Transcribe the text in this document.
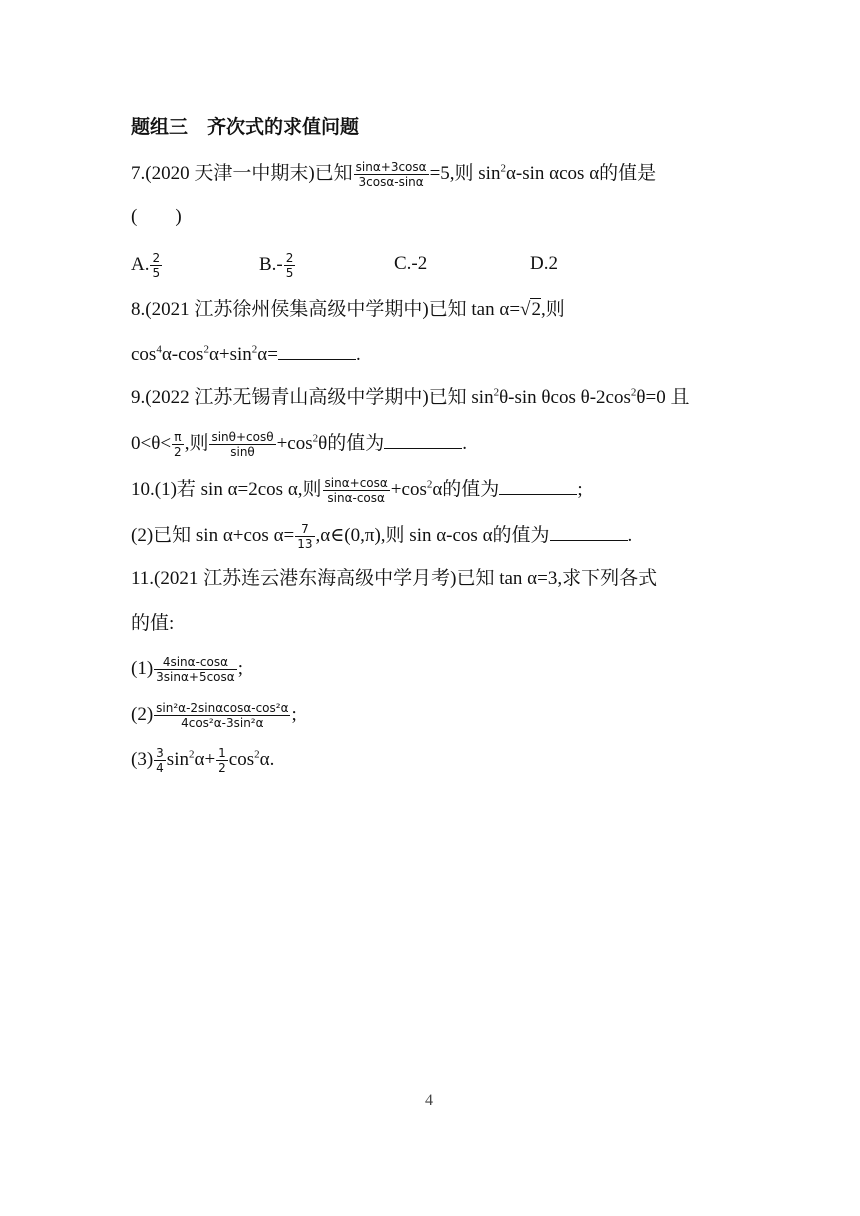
题组三　齐次式的求值问题
7.(2020 天津一中期末)已知 $\frac{\sin\alpha+3\cos\alpha}{3\cos\alpha-\sin\alpha} =5$,则 $\sin^2\alpha-\sin$ αcos α的值是
(　　)
A. $\frac{2}{5}$	$B.- \frac{2}{5}$	C.-2	D.2
8.(2021 江苏徐州侯集高级中学期中)已知 tan α=√2,则
$\cos^4\alpha-\cos^2\alpha+\sin^2\alpha=$	.
9.(2022 江苏无锡青山高级中学期中)已知 $\sin^2\theta-\sin$ θcos $\theta-2\cos^2\theta=0$ 且
$0<\theta< \frac{\pi}{2}$ ,则 $\frac{\sin\theta+\cos\theta}{\sin\theta} +\cos^2\theta$的值为	.
10.(1)若 sin α=2cos α,则 $\frac{\sin\alpha+\cos\alpha}{\sin\alpha-\cos\alpha} +\cos^2\alpha$的值为	;
(2)已知 sin α+cos $\alpha= \frac{7}{13}$ ,α∈(0,π),则 sin α-cos α的值为	.
11.(2021 江苏连云港东海高级中学月考)已知 tan α=3,求下列各式
的值:
$(1) \frac{4\sin\alpha-\cos\alpha}{3\sin\alpha+5\cos\alpha}$ ;
$(2) \frac{\text{sin²α-2sinαcosα-cos²α}}{\text{4cos²α-3sin²α}}$ ;
$(3) \frac{3}{4} \sin^2\alpha+ \frac{1}{2} \cos^2\alpha$.
4
